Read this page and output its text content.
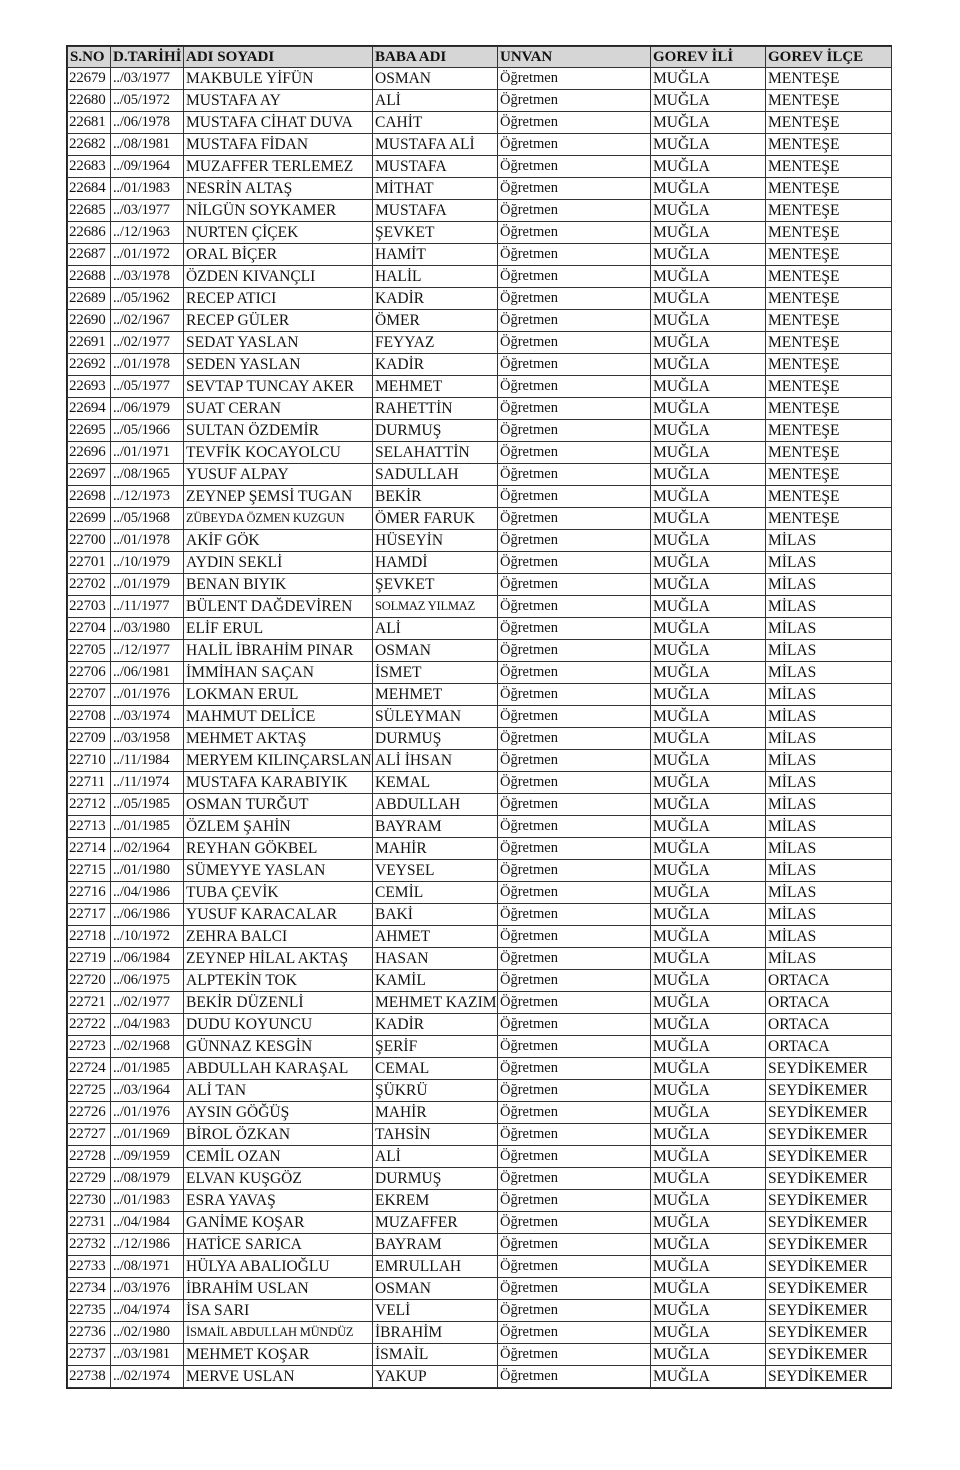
S.NO	D.TARİHİ	ADI SOYADI	BABA ADI	UNVAN	GOREV İLİ	GOREV İLÇE
22679	../03/1977	MAKBULE YİFÜN	OSMAN	Öğretmen	MUĞLA	MENTEŞE
22680	../05/1972	MUSTAFA AY	ALİ	Öğretmen	MUĞLA	MENTEŞE
22681	../06/1978	MUSTAFA CİHAT DUVA	CAHİT	Öğretmen	MUĞLA	MENTEŞE
22682	../08/1981	MUSTAFA FİDAN	MUSTAFA ALİ	Öğretmen	MUĞLA	MENTEŞE
22683	../09/1964	MUZAFFER TERLEMEZ	MUSTAFA	Öğretmen	MUĞLA	MENTEŞE
22684	../01/1983	NESRİN ALTAŞ	MİTHAT	Öğretmen	MUĞLA	MENTEŞE
22685	../03/1977	NİLGÜN SOYKAMER	MUSTAFA	Öğretmen	MUĞLA	MENTEŞE
22686	../12/1963	NURTEN ÇİÇEK	ŞEVKET	Öğretmen	MUĞLA	MENTEŞE
22687	../01/1972	ORAL BİÇER	HAMİT	Öğretmen	MUĞLA	MENTEŞE
22688	../03/1978	ÖZDEN KIVANÇLI	HALİL	Öğretmen	MUĞLA	MENTEŞE
22689	../05/1962	RECEP ATICI	KADİR	Öğretmen	MUĞLA	MENTEŞE
22690	../02/1967	RECEP GÜLER	ÖMER	Öğretmen	MUĞLA	MENTEŞE
22691	../02/1977	SEDAT YASLAN	FEYYAZ	Öğretmen	MUĞLA	MENTEŞE
22692	../01/1978	SEDEN YASLAN	KADİR	Öğretmen	MUĞLA	MENTEŞE
22693	../05/1977	SEVTAP TUNCAY AKER	MEHMET	Öğretmen	MUĞLA	MENTEŞE
22694	../06/1979	SUAT CERAN	RAHETTİN	Öğretmen	MUĞLA	MENTEŞE
22695	../05/1966	SULTAN ÖZDEMİR	DURMUŞ	Öğretmen	MUĞLA	MENTEŞE
22696	../01/1971	TEVFİK KOCAYOLCU	SELAHATTİN	Öğretmen	MUĞLA	MENTEŞE
22697	../08/1965	YUSUF ALPAY	SADULLAH	Öğretmen	MUĞLA	MENTEŞE
22698	../12/1973	ZEYNEP ŞEMSİ TUGAN	BEKİR	Öğretmen	MUĞLA	MENTEŞE
22699	../05/1968	ZÜBEYDA ÖZMEN KUZGUN	ÖMER FARUK	Öğretmen	MUĞLA	MENTEŞE
22700	../01/1978	AKİF GÖK	HÜSEYİN	Öğretmen	MUĞLA	MİLAS
22701	../10/1979	AYDIN SEKLİ	HAMDİ	Öğretmen	MUĞLA	MİLAS
22702	../01/1979	BENAN BIYIK	ŞEVKET	Öğretmen	MUĞLA	MİLAS
22703	../11/1977	BÜLENT DAĞDEVİREN	SOLMAZ YILMAZ	Öğretmen	MUĞLA	MİLAS
22704	../03/1980	ELİF ERUL	ALİ	Öğretmen	MUĞLA	MİLAS
22705	../12/1977	HALİL İBRAHİM PINAR	OSMAN	Öğretmen	MUĞLA	MİLAS
22706	../06/1981	İMMİHAN SAÇAN	İSMET	Öğretmen	MUĞLA	MİLAS
22707	../01/1976	LOKMAN ERUL	MEHMET	Öğretmen	MUĞLA	MİLAS
22708	../03/1974	MAHMUT DELİCE	SÜLEYMAN	Öğretmen	MUĞLA	MİLAS
22709	../03/1958	MEHMET AKTAŞ	DURMUŞ	Öğretmen	MUĞLA	MİLAS
22710	../11/1984	MERYEM KILINÇARSLAN	ALİ İHSAN	Öğretmen	MUĞLA	MİLAS
22711	../11/1974	MUSTAFA KARABIYIK	KEMAL	Öğretmen	MUĞLA	MİLAS
22712	../05/1985	OSMAN TURĞUT	ABDULLAH	Öğretmen	MUĞLA	MİLAS
22713	../01/1985	ÖZLEM ŞAHİN	BAYRAM	Öğretmen	MUĞLA	MİLAS
22714	../02/1964	REYHAN GÖKBEL	MAHİR	Öğretmen	MUĞLA	MİLAS
22715	../01/1980	SÜMEYYE YASLAN	VEYSEL	Öğretmen	MUĞLA	MİLAS
22716	../04/1986	TUBA ÇEVİK	CEMİL	Öğretmen	MUĞLA	MİLAS
22717	../06/1986	YUSUF KARACALAR	BAKİ	Öğretmen	MUĞLA	MİLAS
22718	../10/1972	ZEHRA BALCI	AHMET	Öğretmen	MUĞLA	MİLAS
22719	../06/1984	ZEYNEP HİLAL AKTAŞ	HASAN	Öğretmen	MUĞLA	MİLAS
22720	../06/1975	ALPTEKİN TOK	KAMİL	Öğretmen	MUĞLA	ORTACA
22721	../02/1977	BEKİR DÜZENLİ	MEHMET KAZIM	Öğretmen	MUĞLA	ORTACA
22722	../04/1983	DUDU KOYUNCU	KADİR	Öğretmen	MUĞLA	ORTACA
22723	../02/1968	GÜNNAZ KESGİN	ŞERİF	Öğretmen	MUĞLA	ORTACA
22724	../01/1985	ABDULLAH KARAŞAL	CEMAL	Öğretmen	MUĞLA	SEYDİKEMER
22725	../03/1964	ALİ TAN	ŞÜKRÜ	Öğretmen	MUĞLA	SEYDİKEMER
22726	../01/1976	AYSIN GÖĞÜŞ	MAHİR	Öğretmen	MUĞLA	SEYDİKEMER
22727	../01/1969	BİROL ÖZKAN	TAHSİN	Öğretmen	MUĞLA	SEYDİKEMER
22728	../09/1959	CEMİL OZAN	ALİ	Öğretmen	MUĞLA	SEYDİKEMER
22729	../08/1979	ELVAN KUŞGÖZ	DURMUŞ	Öğretmen	MUĞLA	SEYDİKEMER
22730	../01/1983	ESRA YAVAŞ	EKREM	Öğretmen	MUĞLA	SEYDİKEMER
22731	../04/1984	GANİME KOŞAR	MUZAFFER	Öğretmen	MUĞLA	SEYDİKEMER
22732	../12/1986	HATİCE SARICA	BAYRAM	Öğretmen	MUĞLA	SEYDİKEMER
22733	../08/1971	HÜLYA ABALIOĞLU	EMRULLAH	Öğretmen	MUĞLA	SEYDİKEMER
22734	../03/1976	İBRAHİM USLAN	OSMAN	Öğretmen	MUĞLA	SEYDİKEMER
22735	../04/1974	İSA SARI	VELİ	Öğretmen	MUĞLA	SEYDİKEMER
22736	../02/1980	İSMAİL ABDULLAH MÜNDÜZ	İBRAHİM	Öğretmen	MUĞLA	SEYDİKEMER
22737	../03/1981	MEHMET KOŞAR	İSMAİL	Öğretmen	MUĞLA	SEYDİKEMER
22738	../02/1974	MERVE USLAN	YAKUP	Öğretmen	MUĞLA	SEYDİKEMER
